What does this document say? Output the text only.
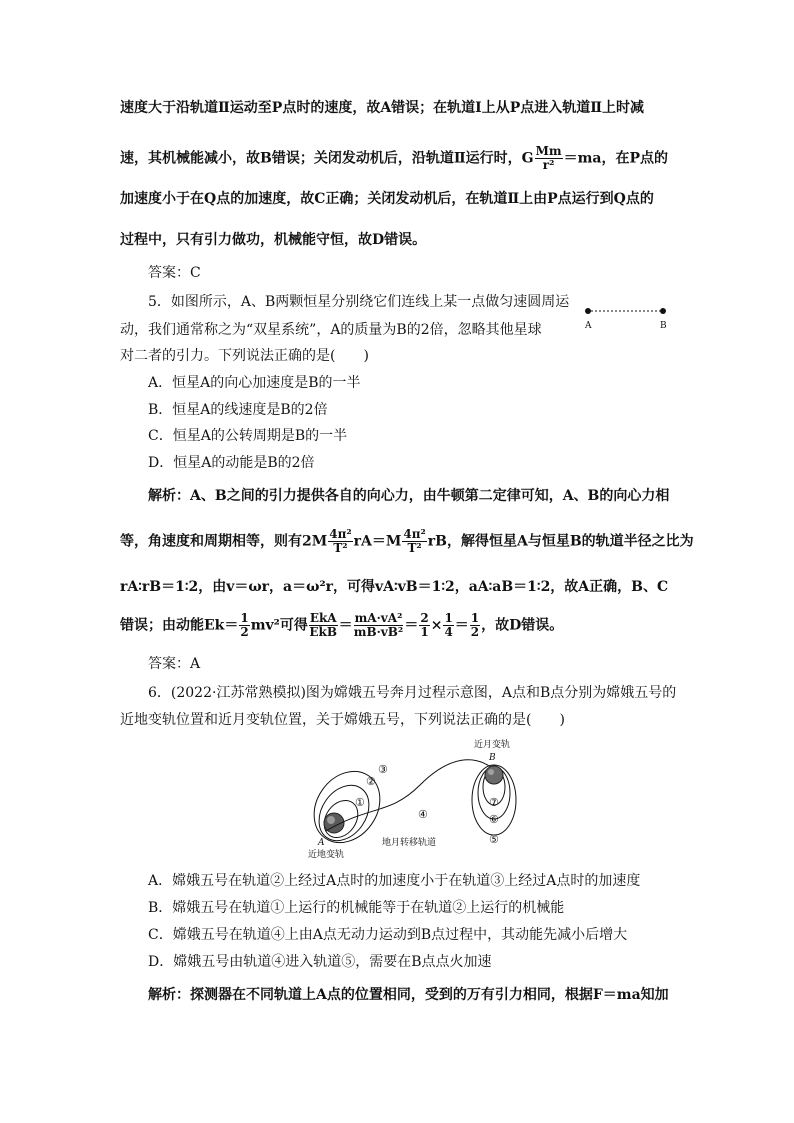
速度大于沿轨道Ⅱ运动至P点时的速度，故A错误；在轨道Ⅰ上从P点进入轨道Ⅱ上时减
速，其机械能减小，故B错误；关闭发动机后，沿轨道Ⅱ运行时，G $\frac{Mm}{\text{r²}} =ma$，在P点的
加速度小于在Q点的加速度，故C正确；关闭发动机后，在轨道Ⅱ上由P点运行到Q点的
过程中，只有引力做功，机械能守恒，故D错误。
答案：C
5．如图所示，A、B两颗恒星分别绕它们连线上某一点做匀速圆周运
动，我们通常称之为“双星系统”，A的质量为B的2倍，忽略其他星球
对二者的引力。下列说法正确的是(　　)
A	B
A．恒星A的向心加速度是B的一半
B．恒星A的线速度是B的2倍
C．恒星A的公转周期是B的一半
D．恒星A的动能是B的2倍
解析：A、B之间的引力提供各自的向心力，由牛顿第二定律可知，A、B的向心力相
等，角速度和周期相等，则有$2M \frac{\text{4π²}}{\text{T²}} rA=M \frac{\text{4π²}}{\text{T²}}$ rB，解得恒星A与恒星B的轨道半径之比为
rA∶rB＝1∶2，由v＝ωr，a＝ω²r，可得vA∶vB＝1∶2，aA∶aB＝1∶2，故A正确，B、C
错误；由动能$Ek= \frac{1}{2} mv^2$可得 $\frac{\text{EkA}}{\text{EkB}} = \frac{\text{mA·vA²}}{\text{mB·vB²}} = \frac{2}{1} \times \frac{1}{4} = \frac{1}{2}$ ，故D错误。
答案：A
6．(2022·江苏常熟模拟)图为嫦娥五号奔月过程示意图，A点和B点分别为嫦娥五号的
近地变轨位置和近月变轨位置，关于嫦娥五号，下列说法正确的是(　　)
近月变轨
B
近地变轨
A	地月转移轨道
①
②
③
④
⑤
⑥
⑦
A．嫦娥五号在轨道②上经过A点时的加速度小于在轨道③上经过A点时的加速度
B．嫦娥五号在轨道①上运行的机械能等于在轨道②上运行的机械能
C．嫦娥五号在轨道④上由A点无动力运动到B点过程中，其动能先减小后增大
D．嫦娥五号由轨道④进入轨道⑤，需要在B点点火加速
解析：探测器在不同轨道上A点的位置相同，受到的万有引力相同，根据F＝ma知加
